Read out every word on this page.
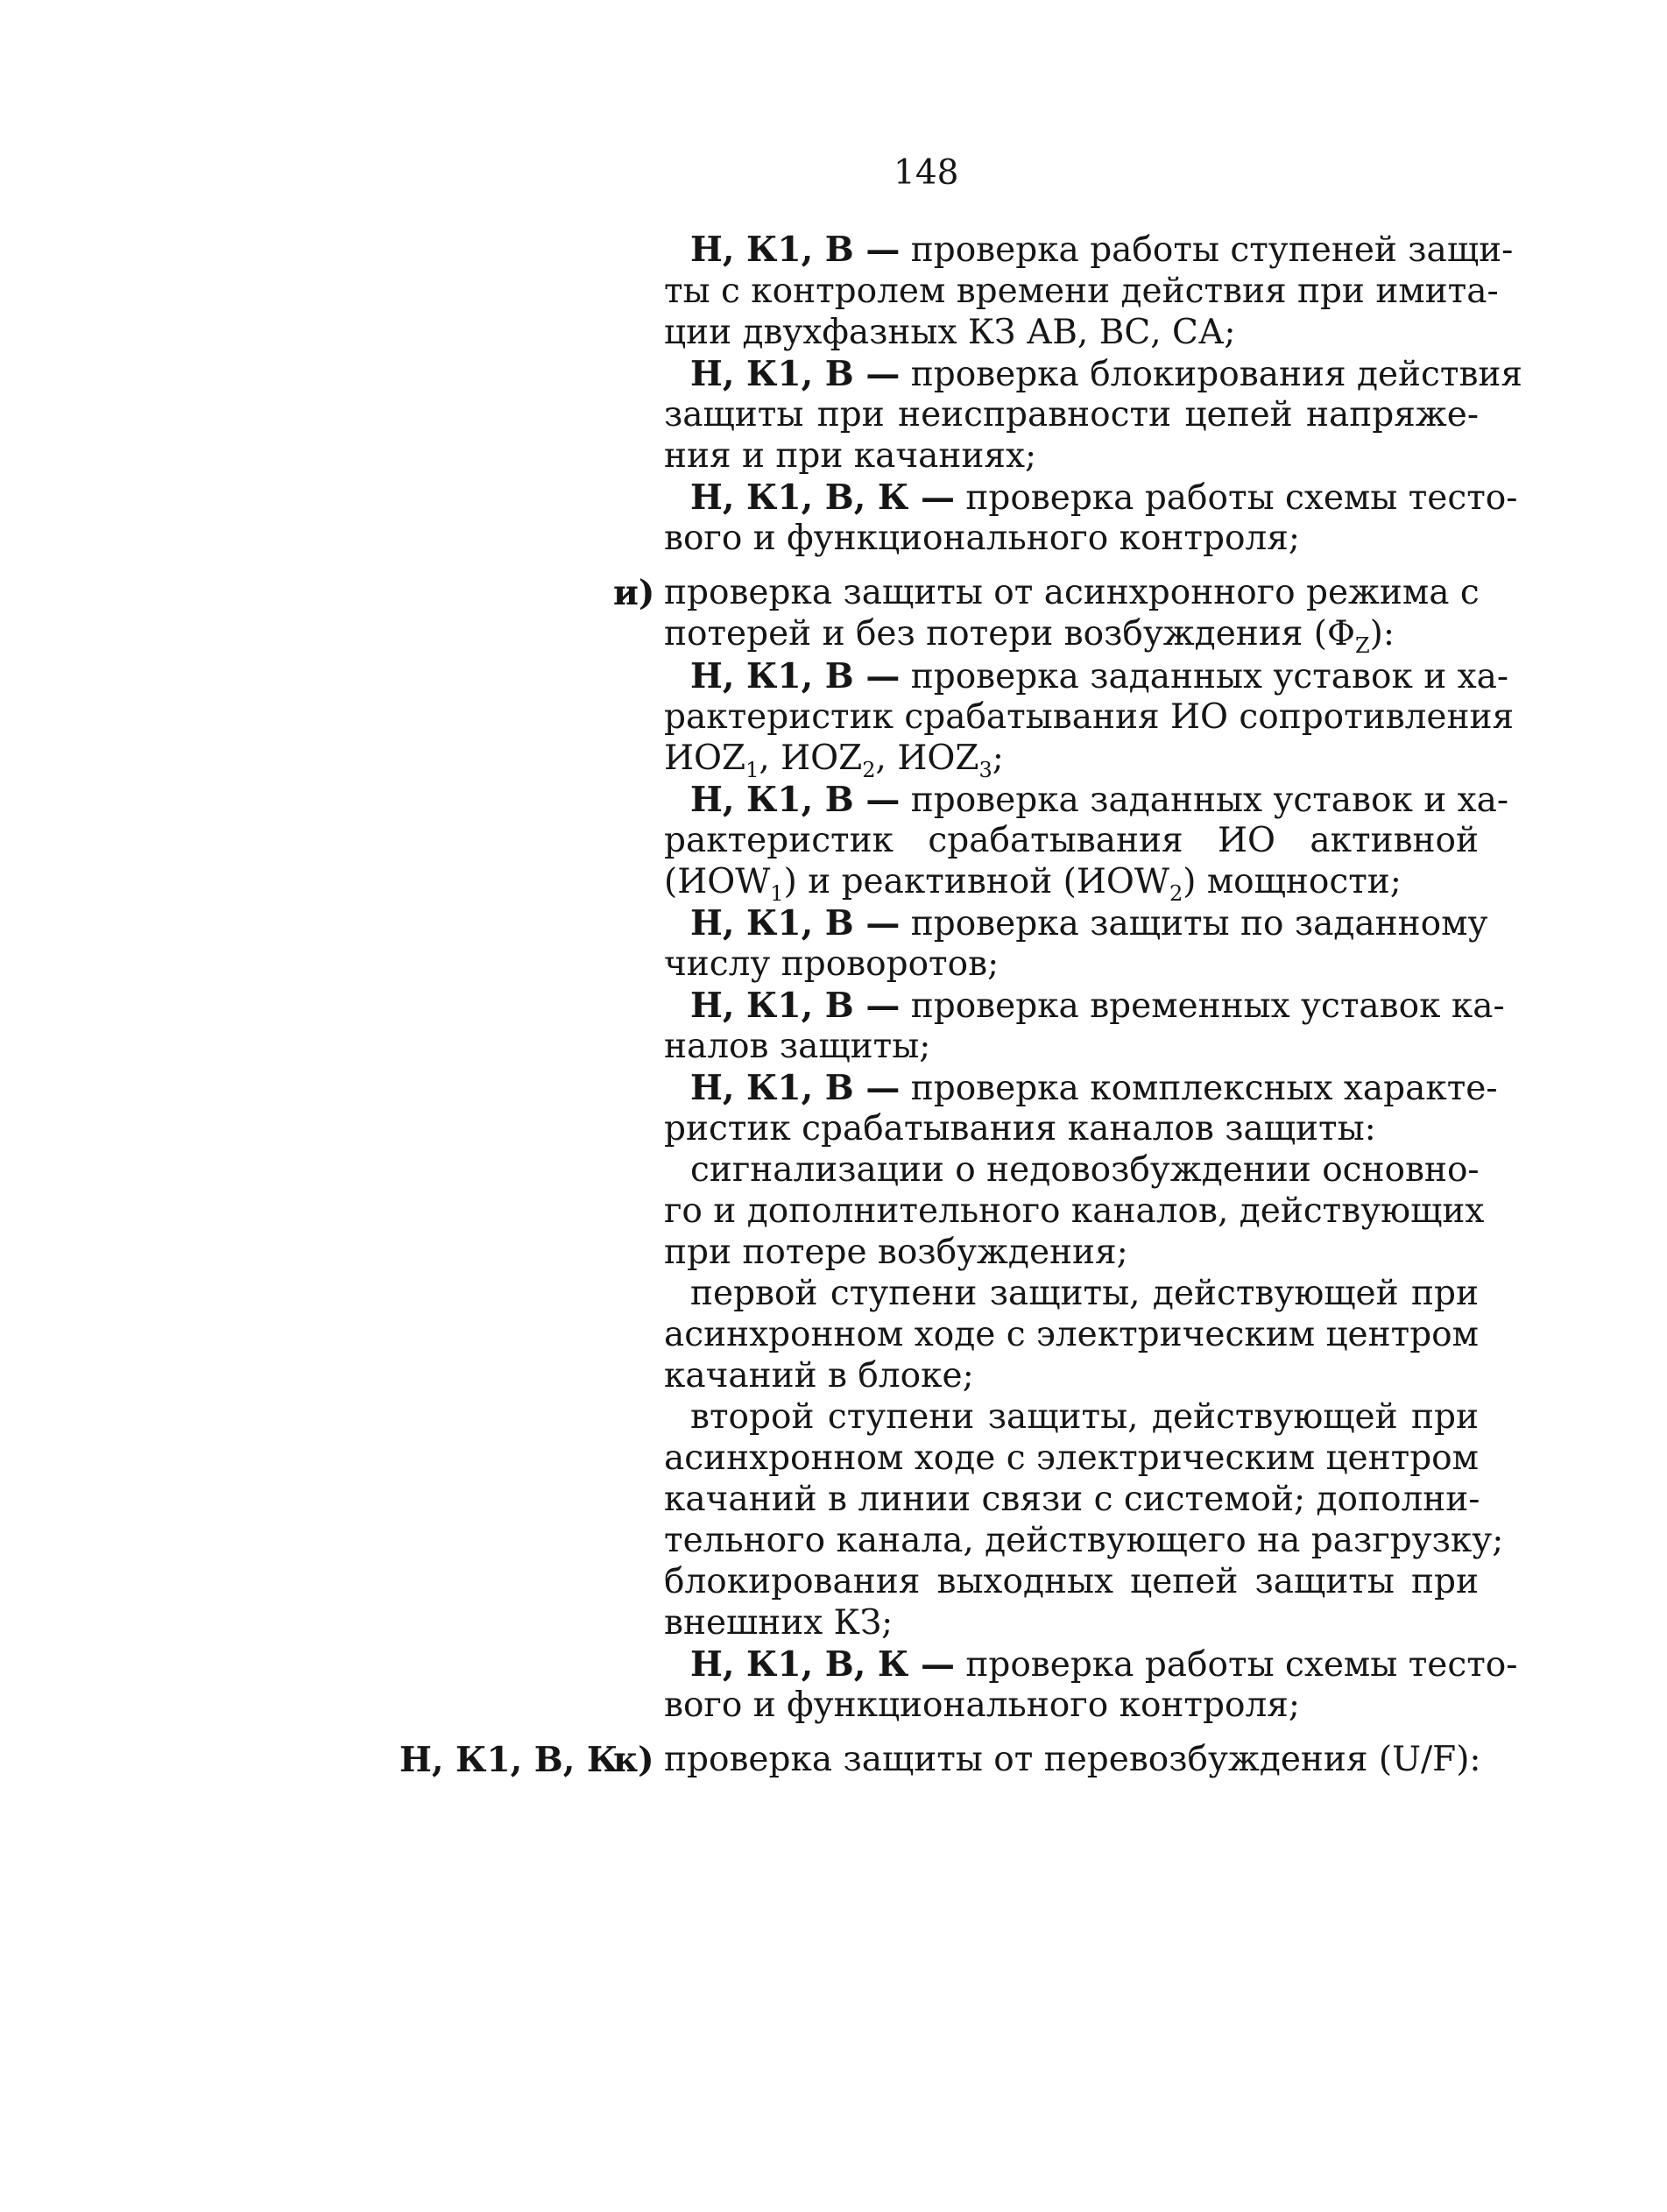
148
Н, К1, В — проверка работы ступеней защи-
ты с контролем времени действия при имита-
ции двухфазных КЗ АВ, ВС, СА;
Н, К1, В — проверка блокирования действия
защиты при неисправности цепей напряже-
ния и при качаниях;
Н, К1, В, К — проверка работы схемы тесто-
вого и функционального контроля;
и) проверка защиты от асинхронного режима с
потерей и без потери возбуждения $(\Phi_Z)$:
Н, К1, В — проверка заданных уставок и ха-
рактеристик срабатывания ИО сопротивления
$ИОZ_1$, $ИОZ_2$, $ИОZ_3$;
Н, К1, В — проверка заданных уставок и ха-
рактеристик срабатывания ИО активной
$(ИОW_1)$ и реактивной $(ИОW_2)$ мощности;
Н, К1, В — проверка защиты по заданному
числу проворотов;
Н, К1, В — проверка временных уставок ка-
налов защиты;
Н, К1, В — проверка комплексных характе-
ристик срабатывания каналов защиты:
сигнализации о недовозбуждении основно-
го и дополнительного каналов, действующих
при потере возбуждения;
первой ступени защиты, действующей при
асинхронном ходе с электрическим центром
качаний в блоке;
второй ступени защиты, действующей при
асинхронном ходе с электрическим центром
качаний в линии связи с системой; дополни-
тельного канала, действующего на разгрузку;
блокирования выходных цепей защиты при
внешних КЗ;
Н, К1, В, К — проверка работы схемы тесто-
вого и функционального контроля;
Н, К1, В, К
к) проверка защиты от перевозбуждения (U/F):
